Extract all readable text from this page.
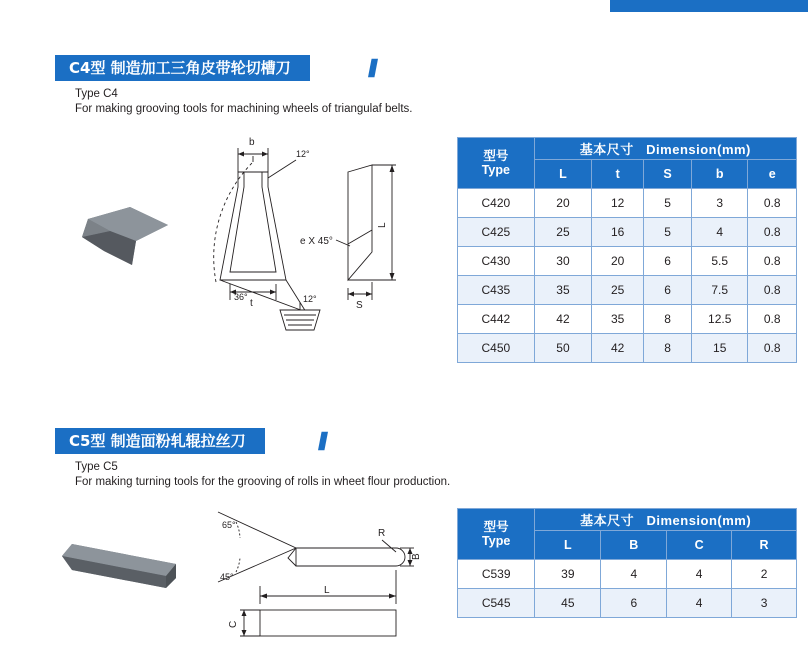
C4型 制造加工三角皮带轮切槽刀
Type C4
For making grooving tools for machining wheels of triangulaf belts.
b
t	S
L
12°
12°
36°
e X 45°
型号
Type	基本尺寸 Dimension(mm)				
	L	t	S	b	e
C420	20	12	5	3	0.8
C425	25	16	5	4	0.8
C430	30	20	6	5.5	0.8
C435	35	25	6	7.5	0.8
C442	42	35	8	12.5	0.8
C450	50	42	8	15	0.8
C5型 制造面粉轧辊拉丝刀
Type C5
For making turning tools for the grooving of rolls in wheet flour production.
65°
45°
R
B
L
C
型号
Type	基本尺寸 Dimension(mm)			
	L	B	C	R
C539	39	4	4	2
C545	45	6	4	3
